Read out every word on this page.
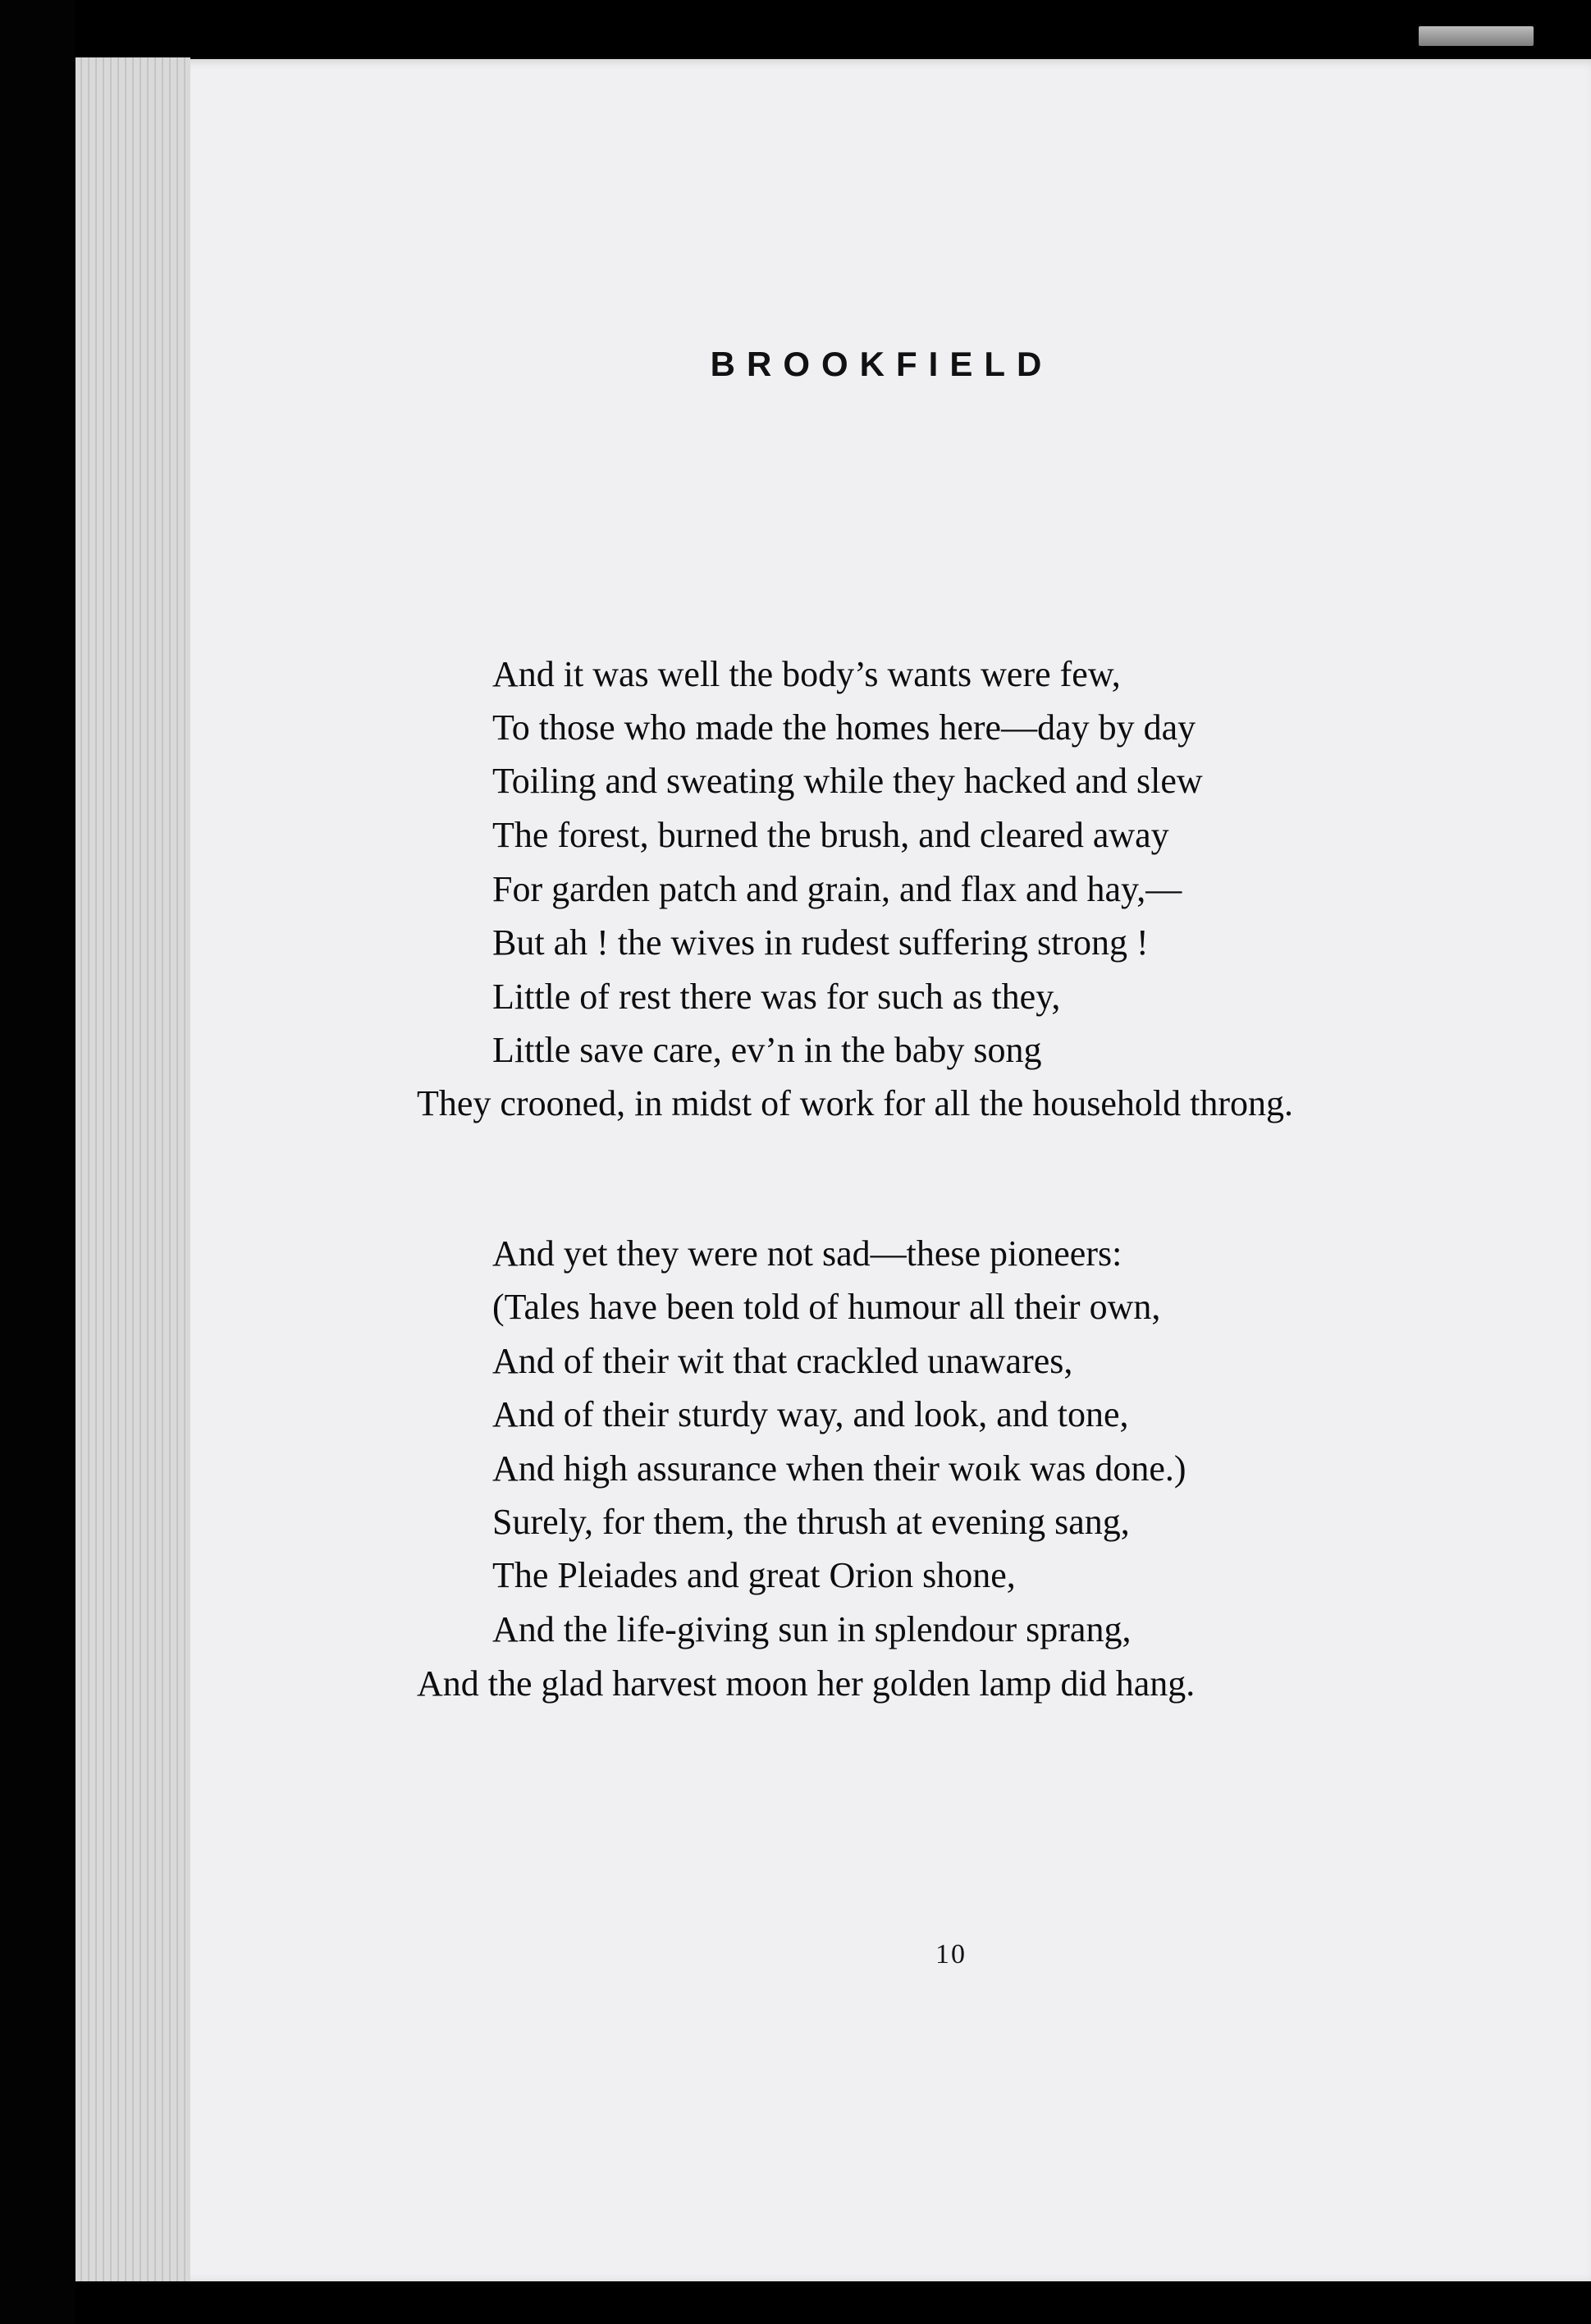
BROOKFIELD
And it was well the body’s wants were few,
To those who made the homes here—day by day
Toiling and sweating while they hacked and slew
The forest, burned the brush, and cleared away
For garden patch and grain, and flax and hay,—
But ah ! the wives in rudest suffering strong !
Little of rest there was for such as they,
Little save care, ev’n in the baby song
They crooned, in midst of work for all the household throng.
And yet they were not sad—these pioneers:
(Tales have been told of humour all their own,
And of their wit that crackled unawares,
And of their sturdy way, and look, and tone,
And high assurance when their woık was done.)
Surely, for them, the thrush at evening sang,
The Pleiades and great Orion shone,
And the life-giving sun in splendour sprang,
And the glad harvest moon her golden lamp did hang.
10
